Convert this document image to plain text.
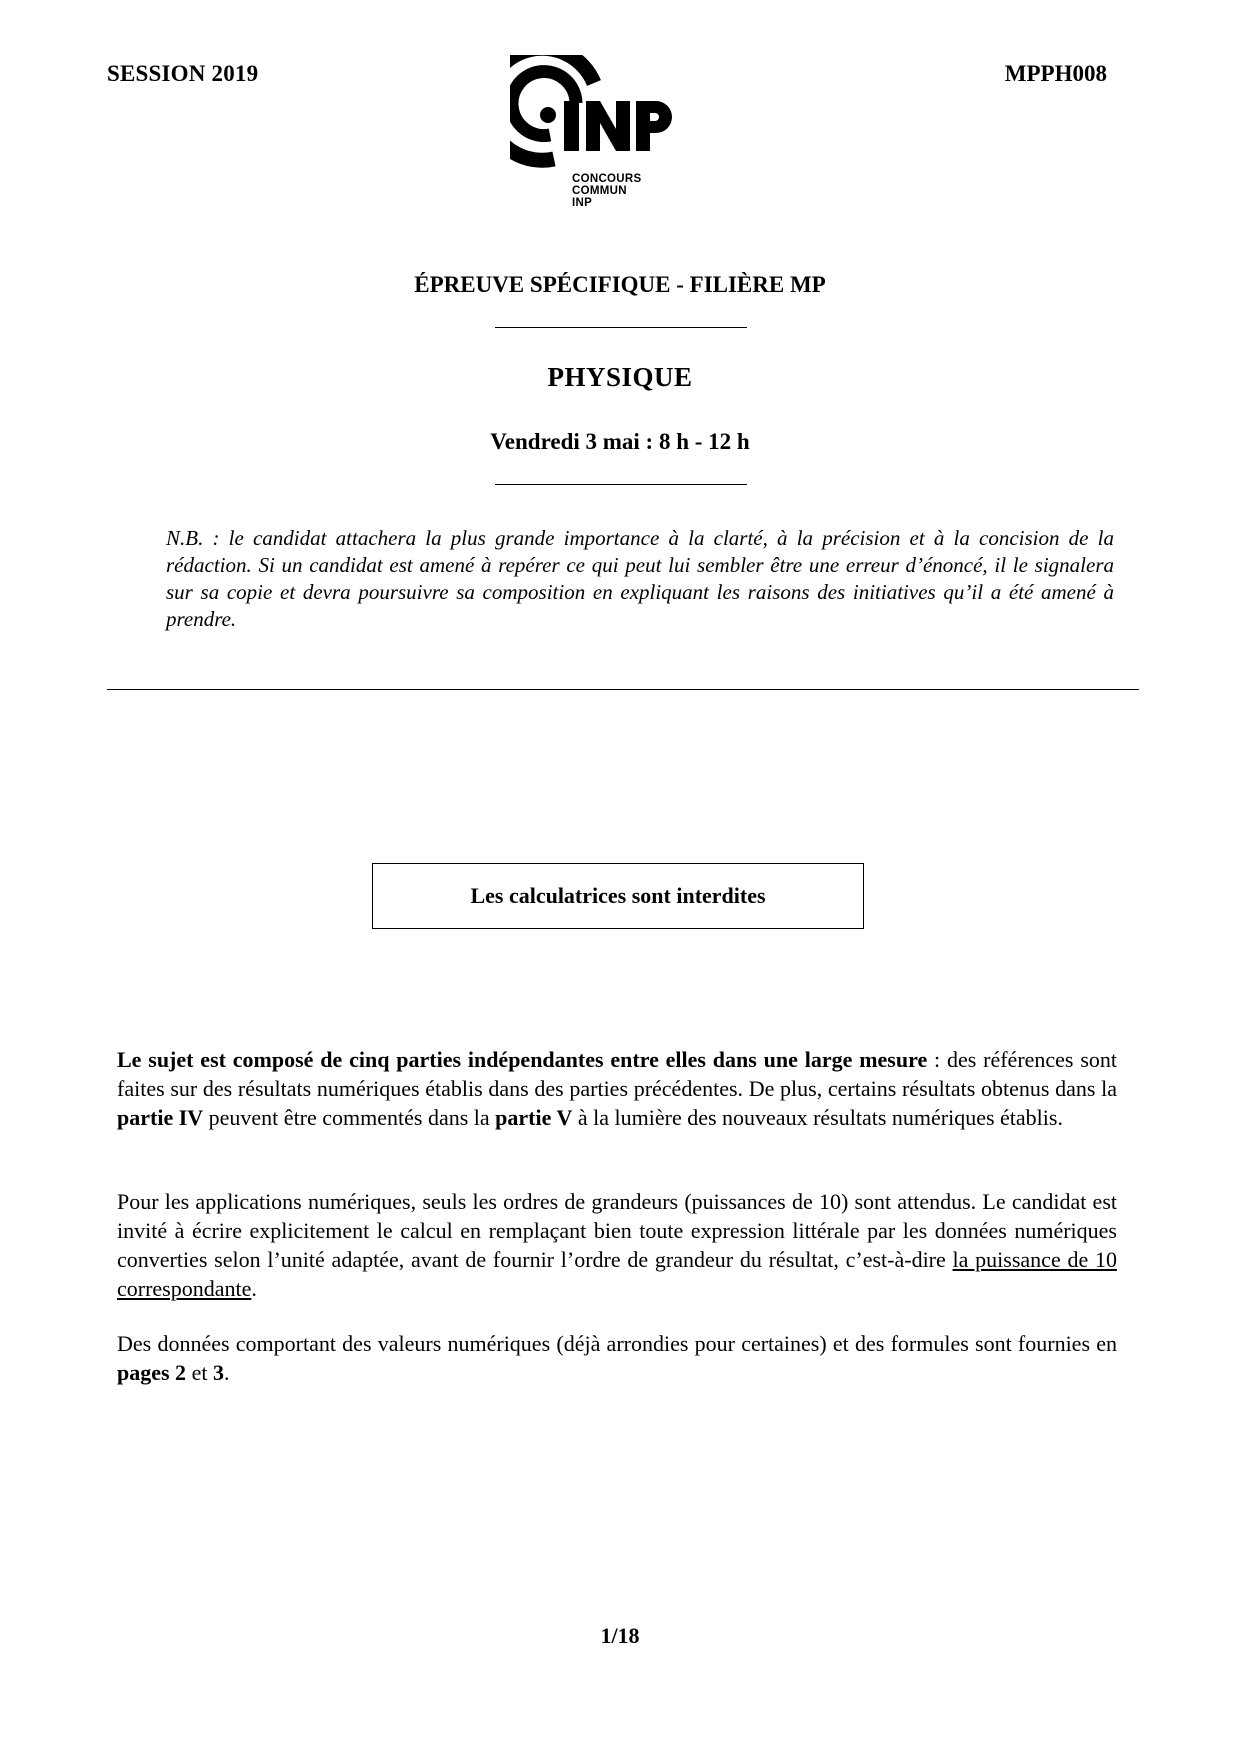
SESSION 2019	MPPH008
CONCOURS
COMMUN
INP
ÉPREUVE SPÉCIFIQUE - FILIÈRE MP
PHYSIQUE
Vendredi 3 mai : 8 h - 12 h
N.B. : le candidat attachera la plus grande importance à la clarté, à la précision et à la concision de la rédaction. Si un candidat est amené à repérer ce qui peut lui sembler être une erreur d’énoncé, il le signalera sur sa copie et devra poursuivre sa composition en expliquant les raisons des initiatives qu’il a été amené à prendre.
Les calculatrices sont interdites
Le sujet est composé de cinq parties indépendantes entre elles dans une large mesure : des références sont faites sur des résultats numériques établis dans des parties précédentes. De plus, certains résultats obtenus dans la partie IV peuvent être commentés dans la partie V à la lumière des nouveaux résultats numériques établis.
Pour les applications numériques, seuls les ordres de grandeurs (puissances de 10) sont attendus. Le candidat est invité à écrire explicitement le calcul en remplaçant bien toute expression littérale par les données numériques converties selon l’unité adaptée, avant de fournir l’ordre de grandeur du résultat, c’est-à-dire la puissance de 10 correspondante.
Des données comportant des valeurs numériques (déjà arrondies pour certaines) et des formules sont fournies en pages 2 et 3.
1/18
